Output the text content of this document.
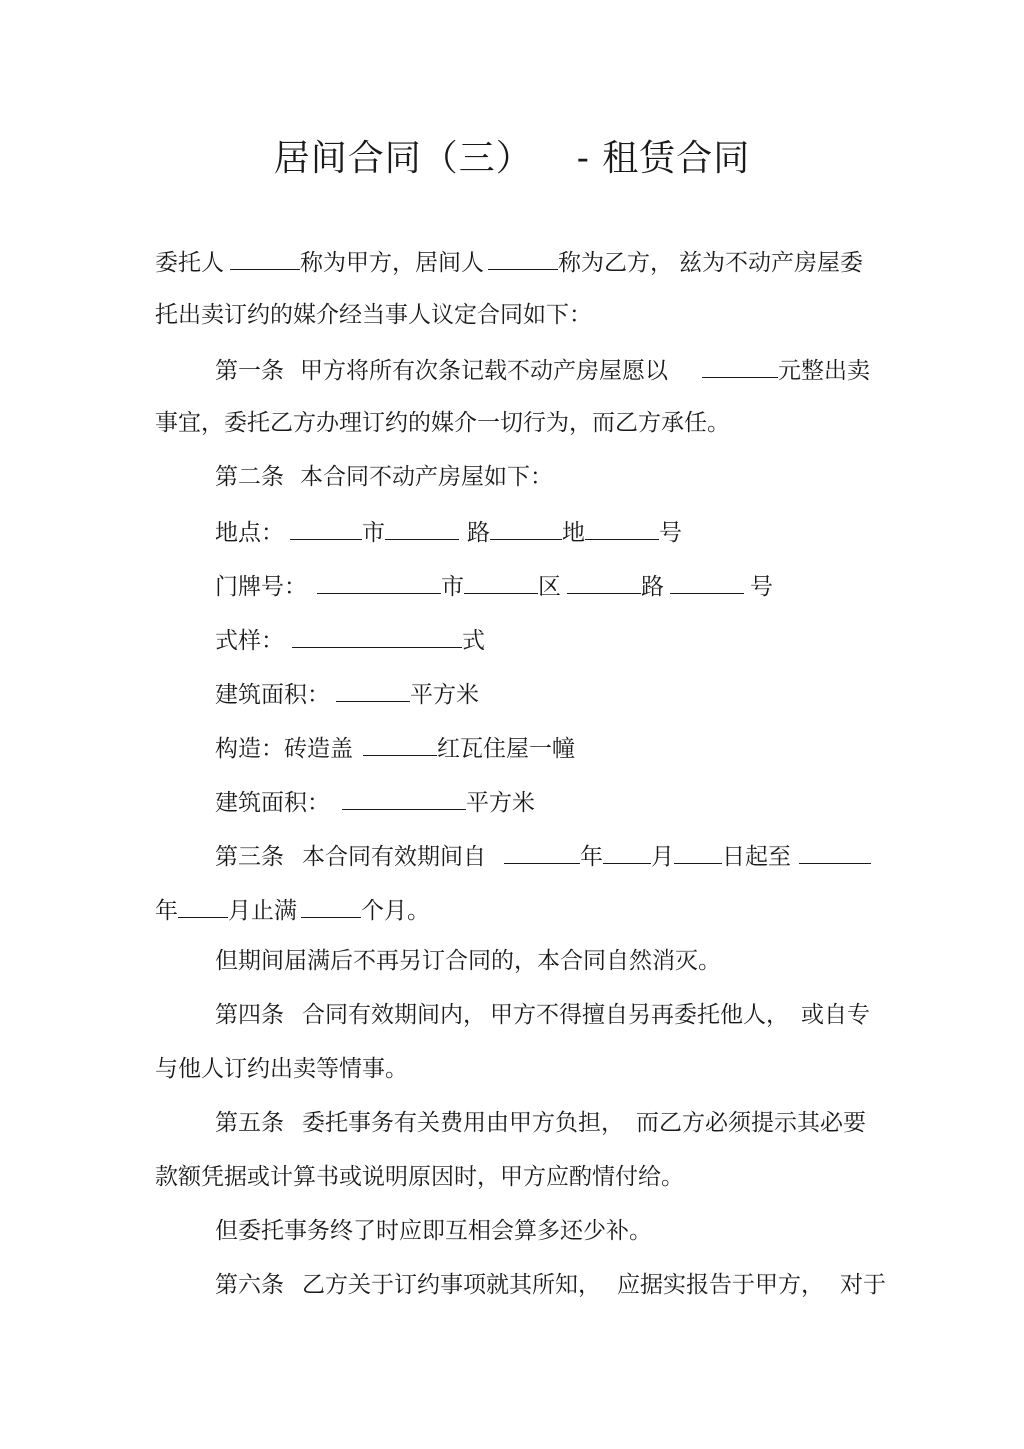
居间合同（三） - 租赁合同
委托人	称为甲方，居间人	称为乙方， 兹为不动产房屋委
托出卖订约的媒介经当事人议定合同如下：
第一条 甲方将所有次条记载不动产房屋愿以	元整出卖
事宜，委托乙方办理订约的媒介一切行为，而乙方承任。
第二条 本合同不动产房屋如下：
地点：	市	路	地	号
门牌号：	市	区	路	号
式样：	式
建筑面积：	平方米
构造：砖造盖	红瓦住屋一幢
建筑面积：	平方米
第三条 本合同有效期间自	年 月 日起至
年 月止满	个月。
但期间届满后不再另订合同的，本合同自然消灭。
第四条 合同有效期间内， 甲方不得擅自另再委托他人， 或自专
与他人订约出卖等情事。
第五条 委托事务有关费用由甲方负担， 而乙方必须提示其必要
款额凭据或计算书或说明原因时，甲方应酌情付给。
但委托事务终了时应即互相会算多还少补。
第六条 乙方关于订约事项就其所知， 应据实报告于甲方， 对于
